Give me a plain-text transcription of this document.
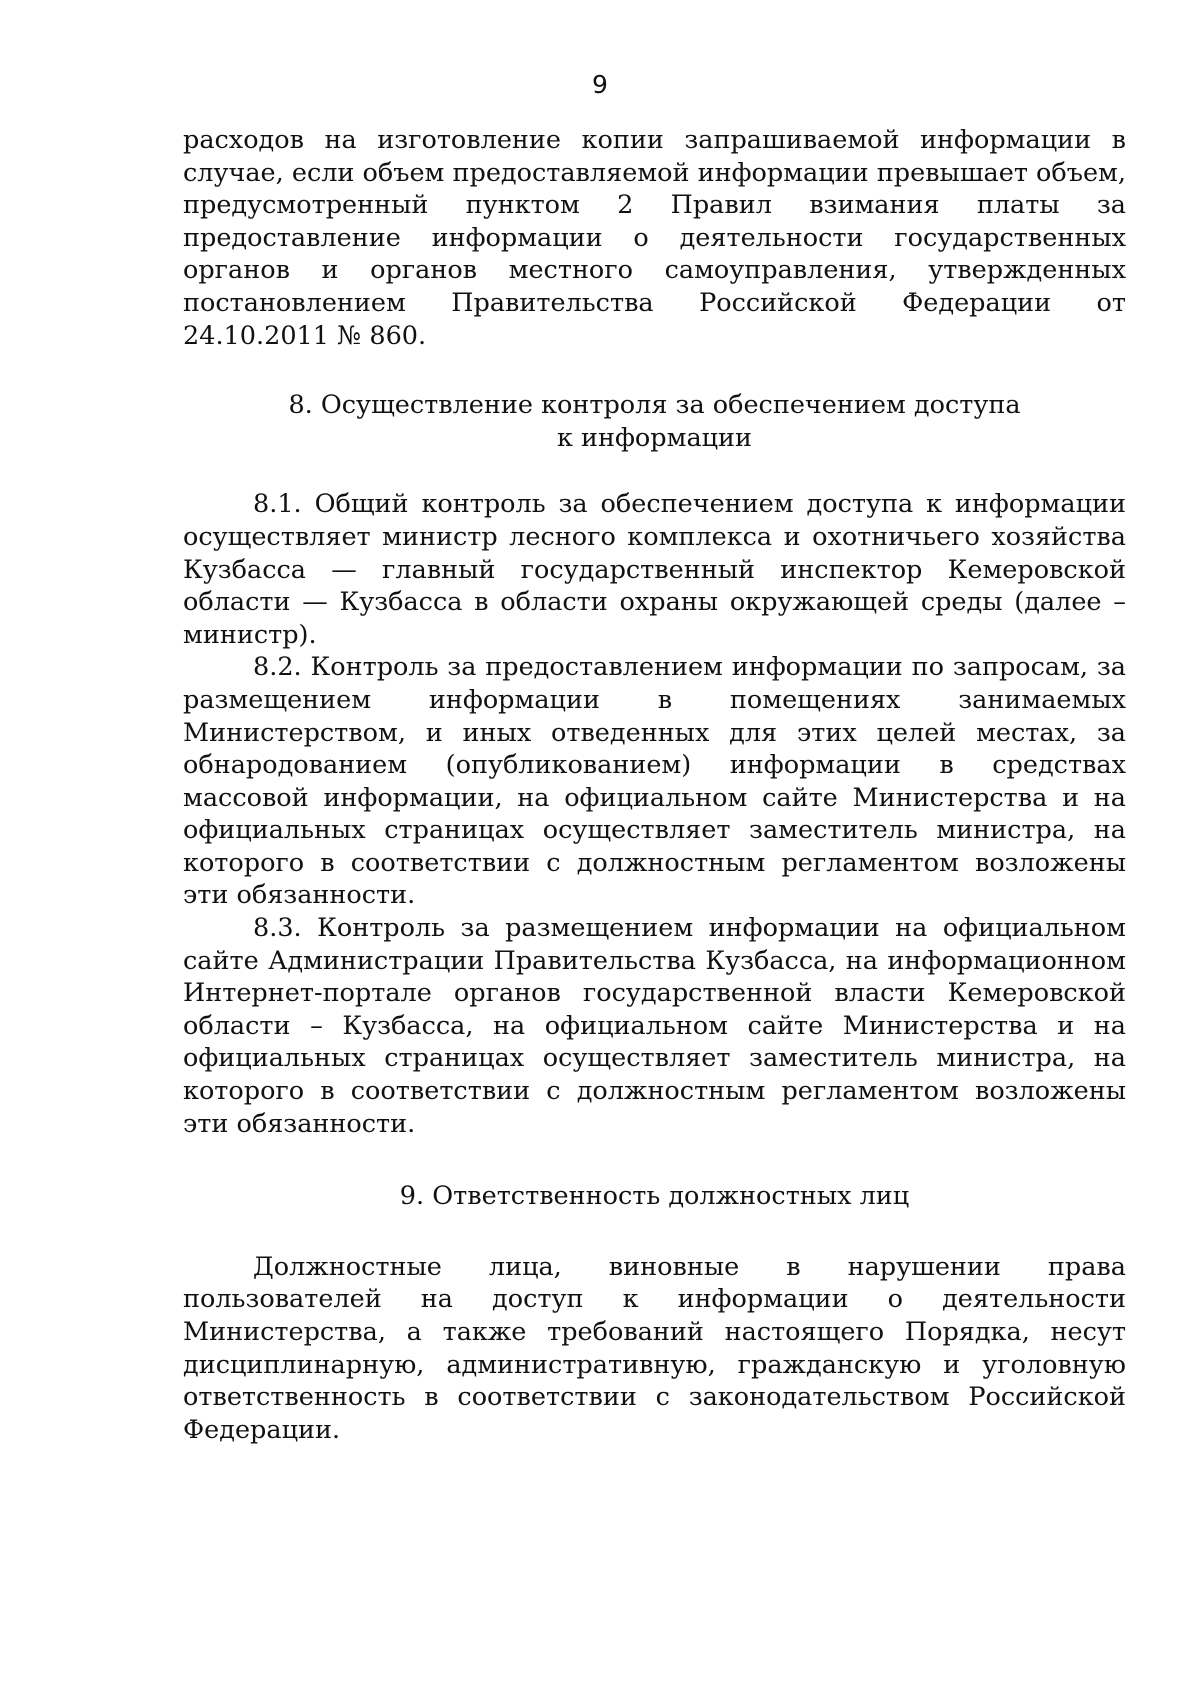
9

расходов на изготовление копии запрашиваемой информации в случае, если объем предоставляемой информации превышает объем, предусмотренный пунктом 2 Правил взимания платы за предоставление информации о деятельности государственных органов и органов местного самоуправления, утвержденных постановлением Правительства Российской Федерации от 24.10.2011 № 860.

8. Осуществление контроля за обеспечением доступа
к информации

8.1. Общий контроль за обеспечением доступа к информации осуществляет министр лесного комплекса и охотничьего хозяйства Кузбасса — главный государственный инспектор Кемеровской области — Кузбасса в области охраны окружающей среды (далее – министр).

8.2. Контроль за предоставлением информации по запросам, за размещением информации в помещениях занимаемых Министерством, и иных отведенных для этих целей местах, за обнародованием (опубликованием) информации в средствах массовой информации, на официальном сайте Министерства и на официальных страницах осуществляет заместитель министра, на которого в соответствии с должностным регламентом возложены эти обязанности.

8.3. Контроль за размещением информации на официальном сайте Администрации Правительства Кузбасса, на информационном Интернет-портале органов государственной власти Кемеровской области – Кузбасса, на официальном сайте Министерства и на официальных страницах осуществляет заместитель министра, на которого в соответствии с должностным регламентом возложены эти обязанности.

9. Ответственность должностных лиц

Должностные лица, виновные в нарушении права пользователей на доступ к информации о деятельности Министерства, а также требований настоящего Порядка, несут дисциплинарную, административную, гражданскую и уголовную ответственность в соответствии с законодательством Российской Федерации.
